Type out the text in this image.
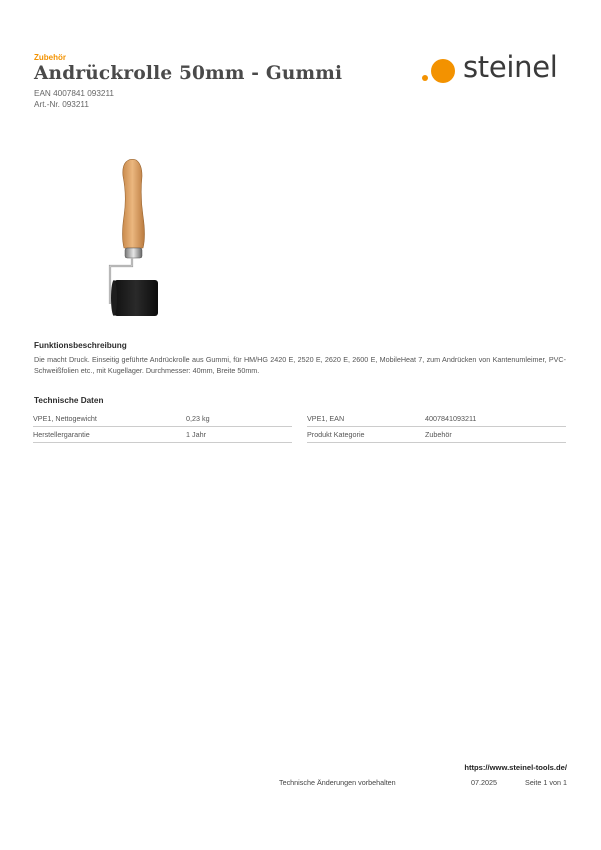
Zubehör
Andrückrolle 50mm - Gummi
EAN 4007841 093211
Art.-Nr. 093211
steinel
Funktionsbeschreibung
Die macht Druck. Einseitig geführte Andrückrolle aus Gummi, für HM/HG 2420 E, 2520 E, 2620 E, 2600 E, MobileHeat 7, zum Andrücken von Kantenumleimer, PVC-Schweißfolien etc., mit Kugellager. Durchmesser: 40mm, Breite 50mm.
Technische Daten
VPE1, Nettogewicht	0,23 kg
Herstellergarantie	1 Jahr
VPE1, EAN	4007841093211
Produkt Kategorie	Zubehör
https://www.steinel-tools.de/
Technische Änderungen vorbehalten	07.2025	Seite 1 von 1
